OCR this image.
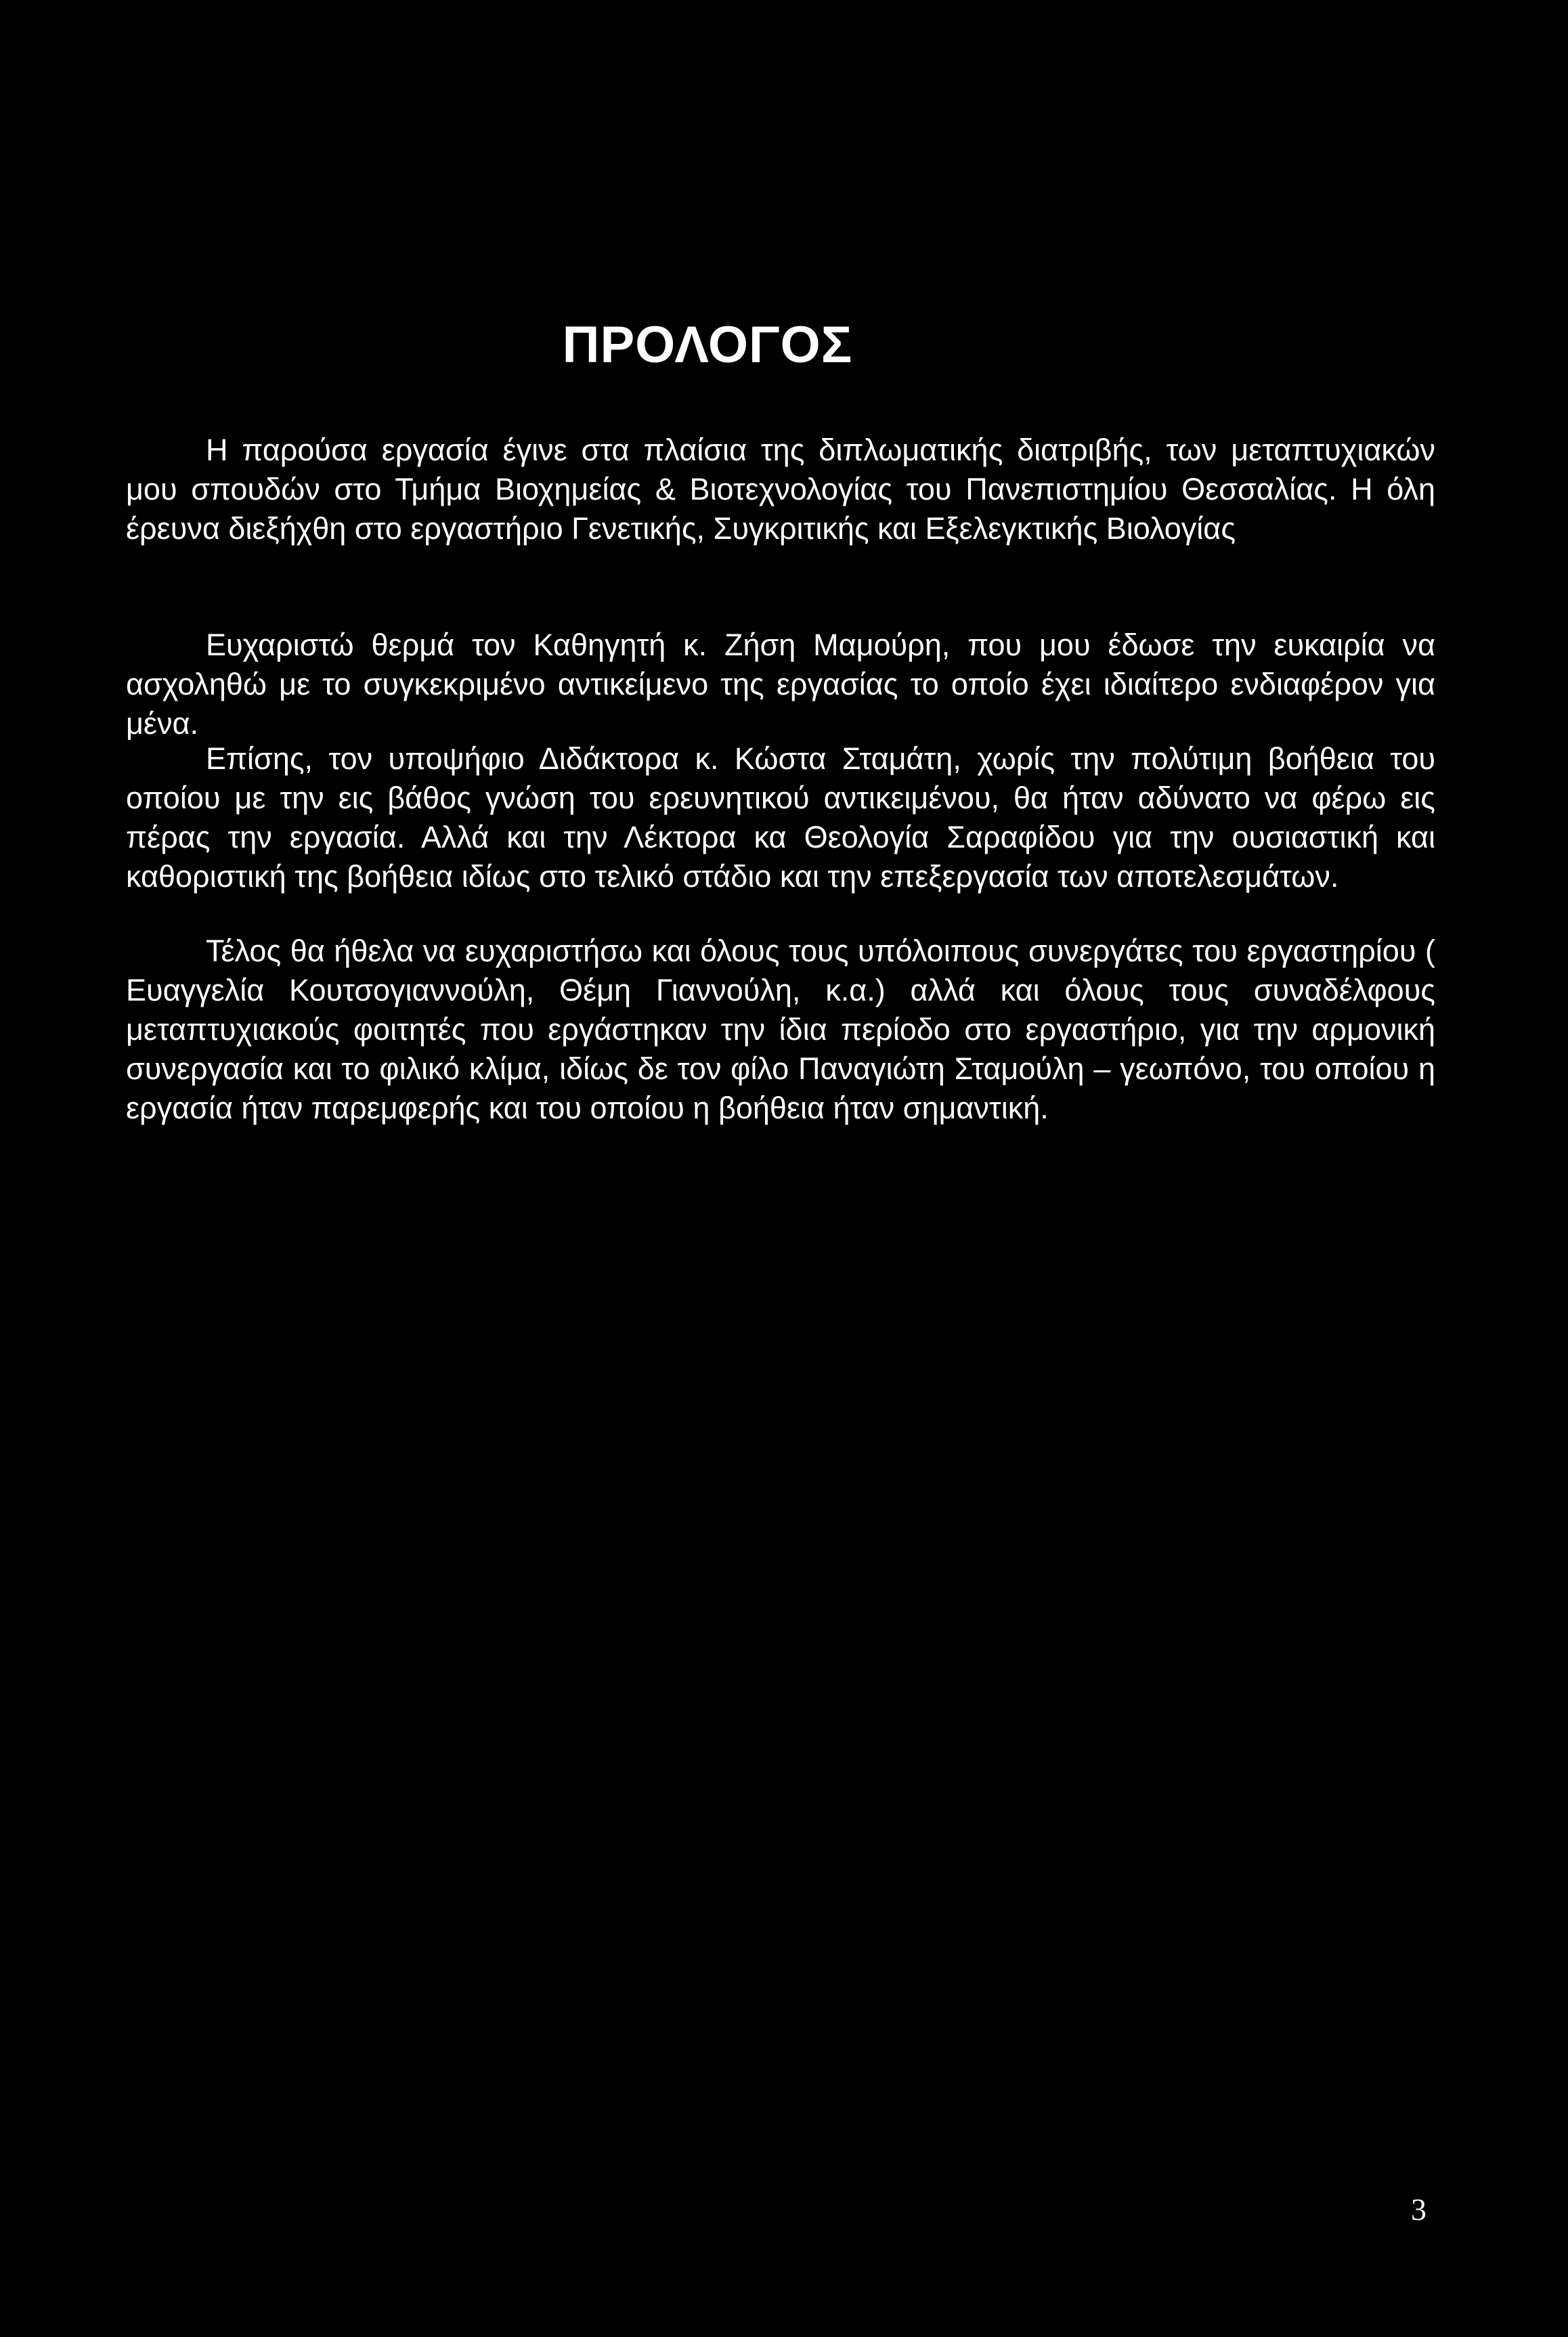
ΠΡΟΛΟΓΟΣ

Η παρούσα εργασία έγινε στα πλαίσια της διπλωματικής διατριβής, των μεταπτυχιακών μου σπουδών στο Τμήμα Βιοχημείας & Βιοτεχνολογίας του Πανεπιστημίου Θεσσαλίας. Η όλη έρευνα διεξήχθη στο εργαστήριο Γενετικής, Συγκριτικής και Εξελεγκτικής Βιολογίας

Ευχαριστώ θερμά τον Καθηγητή κ. Ζήση Μαμούρη, που μου έδωσε την ευκαιρία να ασχοληθώ με το συγκεκριμένο αντικείμενο της εργασίας το οποίο έχει ιδιαίτερο ενδιαφέρον για μένα.

Επίσης, τον υποψήφιο Διδάκτορα κ. Κώστα Σταμάτη, χωρίς την πολύτιμη βοήθεια του οποίου με την εις βάθος γνώση του ερευνητικού αντικειμένου, θα ήταν αδύνατο να φέρω εις πέρας την εργασία. Αλλά και την Λέκτορα κα Θεολογία Σαραφίδου για την ουσιαστική και καθοριστική της βοήθεια ιδίως στο τελικό στάδιο και την επεξεργασία των αποτελεσμάτων.

Τέλος θα ήθελα να ευχαριστήσω και όλους τους υπόλοιπους συνεργάτες του εργαστηρίου ( Ευαγγελία Κουτσογιαννούλη, Θέμη Γιαννούλη, κ.α.) αλλά και όλους τους συναδέλφους μεταπτυχιακούς φοιτητές που εργάστηκαν την ίδια περίοδο στο εργαστήριο, για την αρμονική συνεργασία και το φιλικό κλίμα, ιδίως δε τον φίλο Παναγιώτη Σταμούλη – γεωπόνο, του οποίου η εργασία ήταν παρεμφερής και του οποίου η βοήθεια ήταν σημαντική.

3
